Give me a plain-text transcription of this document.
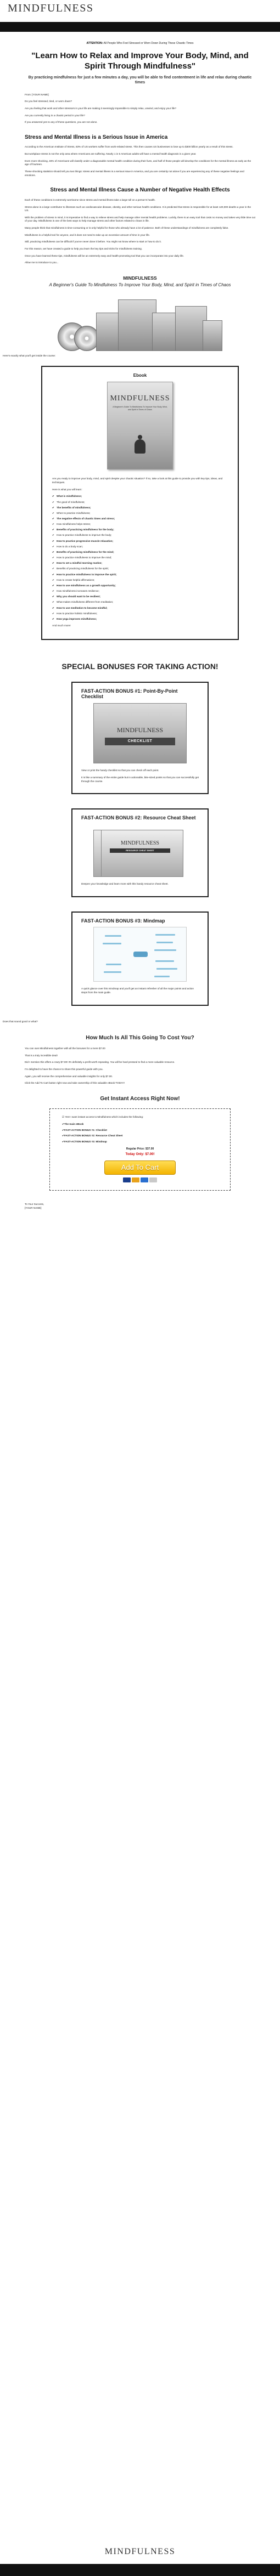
MINDFULNESS

ATTENTION: All People Who Feel Stressed or Worn Down During These Chaotic Times

"Learn How to Relax and Improve Your Body, Mind, and Spirit Through Mindfulness"
By practicing mindfulness for just a few minutes a day, you will be able to find contentment in life and relax during chaotic times

From: [YOUR NAME]

Do you feel stressed, tired, or worn down?

Are you feeling that work and other stressors in your life are making it seemingly impossible to simply relax, unwind, and enjoy your life?

Are you currently living in a chaotic period in your life?

If you answered yes to any of these questions, you are not alone.

Stress and Mental Illness is a Serious Issue in America

According to the American Institute of Stress, 83% of US workers suffer from work-related stress. This then causes US businesses to lose up to $300 billion yearly as a result of this stress.

But workplace stress is not the only area where Americans are suffering. Nearly 1 in 5 American adults will have a mental health diagnosis in a given year.

Even more shocking, 46% of Americans will classify under a diagnosable mental health condition during their lives, and half of those people will develop the conditions for the mental illness as early as the age of fourteen.

These shocking statistics should tell you two things: stress and mental illness is a serious issue in America, and you are certainly not alone if you are experiencing any of these negative feelings and emotions.

Stress and Mental Illness Cause a Number of Negative Health Effects

Each of these conditions is extremely worrisome since stress and mental illness take a large toll on a person's health.

Stress alone is a large contributor to illnesses such as cardiovascular disease, obesity, and other serious health conditions. It is predicted that stress is responsible for at least 120,000 deaths a year in the US.

With the problem of stress in mind, it is imperative to find a way to relieve stress and help manage other mental health problems. Luckily, there is an easy tool that costs no money and takes very little time out of your day. Mindfulness is one of the best ways to help manage stress and other factors related to chaos in life.

Many people think that mindfulness is time-consuming or is only helpful for those who already have a lot of patience. Both of these understandings of mindfulness are completely false.

Mindfulness is a helpful tool for anyone, and it does not need to take up an excessive amount of time in your life.

Still, practicing mindfulness can be difficult if you've never done it before. You might not know where to start or how to do it.

For this reason, we have created a guide to help you learn the key tips and tricks for mindfulness training.

Once you have learned these tips, mindfulness will be an extremely easy and health-promoting tool that you can incorporate into your daily life.

Allow me to introduce to you...

MINDFULNESS
A Beginner's Guide To Mindfulness To Improve Your Body, Mind, and Spirit in Times of Chaos

Here's exactly what you'll get inside the course:

Ebook
MINDFULNESS
A Beginner's Guide To Mindfulness To Improve Your Body, Mind, and Spirit in Times of Chaos

Are you ready to improve your body, mind, and spirit despite your chaotic situation? If so, take a look at this guide to provide you with key tips, ideas, and techniques.

Here is what you will learn:

✔ What is mindfulness;
✔ The good of mindfulness;
✔ The benefits of mindfulness;
✔ When to practice mindfulness;
✔ The negative effects of chaotic times and stress;
✔ How mindfulness helps stress;
✔ Benefits of practicing mindfulness for the body;
✔ How to practice mindfulness to improve the body;
✔ How to practice progressive muscle relaxation;
✔ How to do a body scan;
✔ Benefits of practicing mindfulness for the mind;
✔ How to practice mindfulness to improve the mind;
✔ How to set a mindful morning routine;
✔ Benefits of practicing mindfulness for the spirit;
✔ How to practice mindfulness to improve the spirit;
✔ How to create helpful affirmations;
✔ How to use mindfulness as a growth opportunity;
✔ How mindfulness increases resilience;
✔ Why you should want to be resilient;
✔ What makes mindfulness different from meditation;
✔ How to use meditation to become mindful;
✔ How to practice holistic mindfulness;
✔ How yoga improves mindfulness;

And much more!

SPECIAL BONUSES FOR TAKING ACTION!
FAST-ACTION BONUS #1: Point-By-Point Checklist
MINDFULNESS
CHECKLIST

View or print the handy checklist so that you can check off each point.

It is like a summary of the entire guide but in actionable, bite-sized points so that you can successfully get through the course.

FAST-ACTION BONUS #2: Resource Cheat Sheet
MINDFULNESS
RESOURCE CHEAT SHEET

Deepen your knowledge and learn more with this handy resource cheat sheet.

FAST-ACTION BONUS #3: Mindmap

A quick glance over this mindmap and you'll get an instant refresher of all the major points and action steps from the main guide.

Does that sound good or what?

How Much Is All This Going To Cost You?

You can own Mindfulness together with all the bonuses for a mere $7.00

That is a truly incredible deal!

Did I mention this offers a crazy $7.00! It's definitely a profit worth repeating. You will be hard pressed to find a more valuable resource.

I'm delighted to have the chance to share this powerful guide with you.

Again, you will receive the comprehensive and valuable insights for only $7.00.

Click the Add To Cart button right now and take ownership of this valuable eBook TODAY!

Get Instant Access Right Now!

☑ Yes! I want instant access to Mindfulness which includes the following:

✔ The main eBook
✔ FAST-ACTION BONUS #1: Checklist
✔ FAST-ACTION BONUS #2: Resource Cheat Sheet
✔ FAST-ACTION BONUS #3: Mindmap
Regular Price: $37.00
Today Only: $7.00!
Add To Cart

To Your Success,

[YOUR NAME]

MINDFULNESS
